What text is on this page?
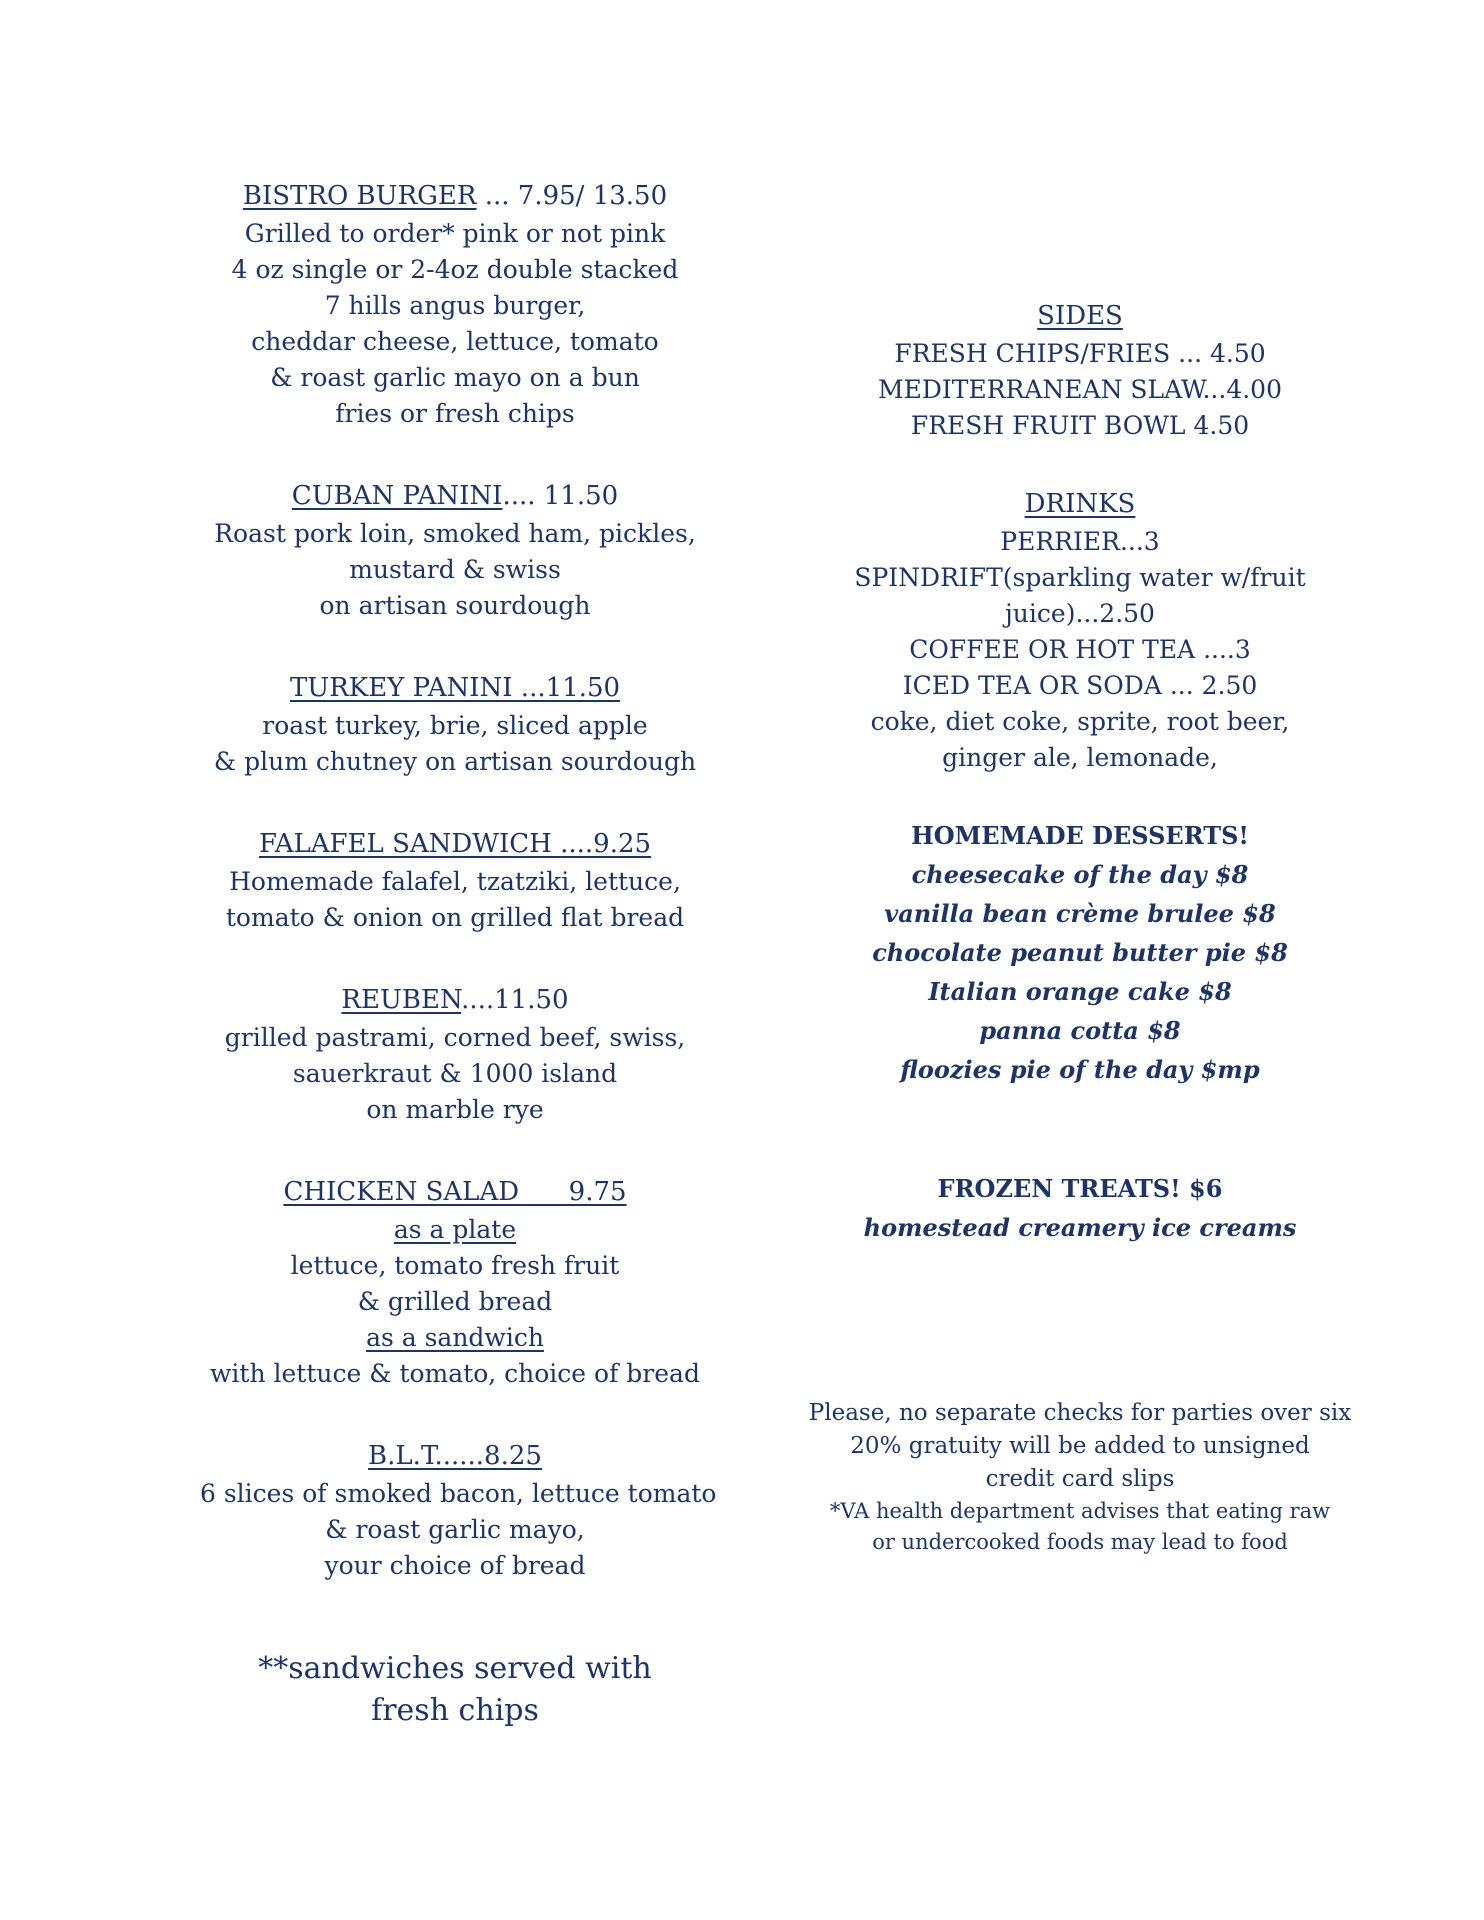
BISTRO BURGER ... 7.95/ 13.50
Grilled to order* pink or not pink
4 oz single or 2-4oz double stacked
7 hills angus burger,
cheddar cheese, lettuce, tomato
& roast garlic mayo on a bun
fries or fresh chips
CUBAN PANINI.... 11.50
Roast pork loin, smoked ham, pickles,
mustard & swiss
on artisan sourdough
TURKEY PANINI ...11.50
roast turkey, brie, sliced apple
& plum chutney on artisan sourdough
FALAFEL SANDWICH ....9.25
Homemade falafel, tzatziki, lettuce,
tomato & onion on grilled flat bread
REUBEN....11.50
grilled pastrami, corned beef, swiss,
sauerkraut & 1000 island
on marble rye
CHICKEN SALAD      9.75
as a plate
lettuce, tomato fresh fruit
& grilled bread
as a sandwich
with lettuce & tomato, choice of bread
B.L.T......8.25
6 slices of smoked bacon, lettuce tomato
& roast garlic mayo,
your choice of bread
**sandwiches served with
fresh chips
SIDES
FRESH CHIPS/FRIES ... 4.50
MEDITERRANEAN SLAW...4.00
FRESH FRUIT BOWL 4.50
DRINKS
PERRIER...3
SPINDRIFT(sparkling water w/fruit
juice)...2.50
COFFEE OR HOT TEA ....3
ICED TEA OR SODA ... 2.50
coke, diet coke, sprite, root beer,
ginger ale, lemonade,
HOMEMADE DESSERTS!
cheesecake of the day $8
vanilla bean crème brulee $8
chocolate peanut butter pie $8
Italian orange cake $8
panna cotta $8
floozies pie of the day $mp
FROZEN TREATS! $6
homestead creamery ice creams
Please, no separate checks for parties over six
20% gratuity will be added to unsigned
credit card slips
*VA health department advises that eating raw
or undercooked foods may lead to food
